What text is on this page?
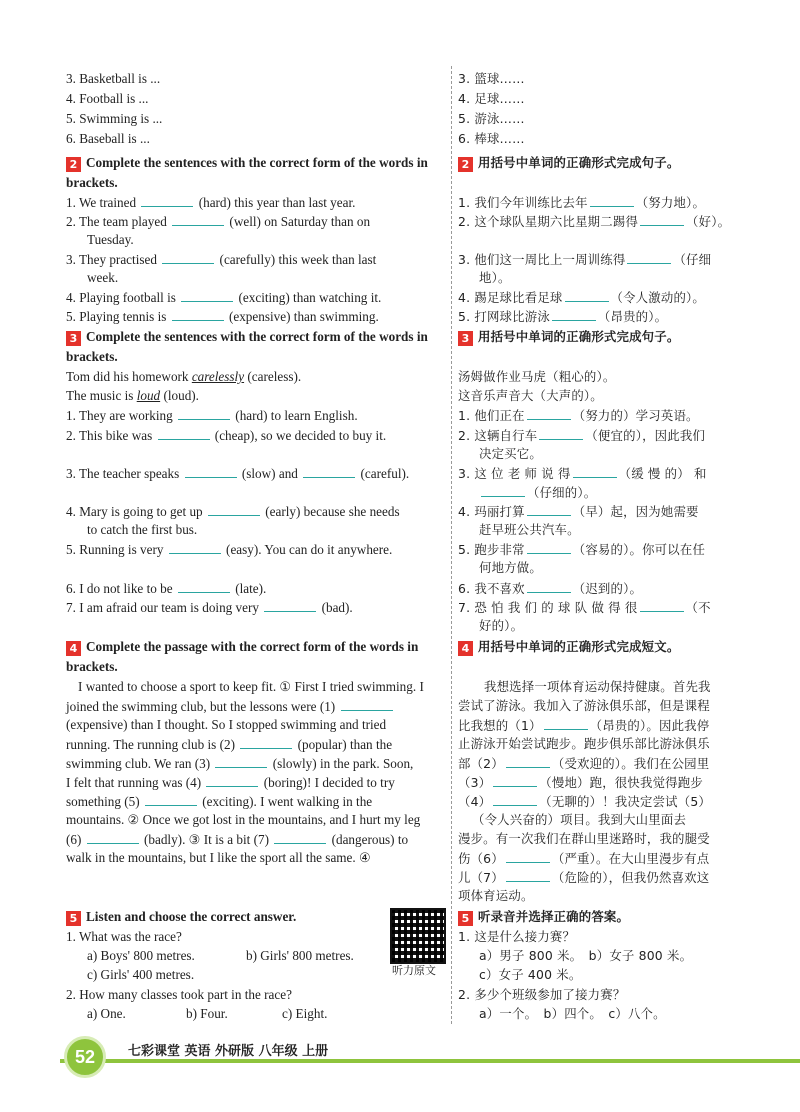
3. Basketball is ...
4. Football is ...
5. Swimming is ...
6. Baseball is ...
2 Complete the sentences with the correct form of the words in
brackets.
1. We trained	(hard) this year than last year.
2. The team played	(well) on Saturday than on
Tuesday.
3. They practised	(carefully) this week than last
week.
4. Playing football is	(exciting) than watching it.
5. Playing tennis is	(expensive) than swimming.
3 Complete the sentences with the correct form of the words in
brackets.
Tom did his homework carelessly (careless).
The music is loud (loud).
1. They are working	(hard) to learn English.
2. This bike was	(cheap), so we decided to buy it.
3. The teacher speaks	(slow) and	(careful).
4. Mary is going to get up	(early) because she needs
to catch the first bus.
5. Running is very	(easy). You can do it anywhere.
6. I do not like to be	(late).
7. I am afraid our team is doing very	(bad).
4 Complete the passage with the correct form of the words in
brackets.
I wanted to choose a sport to keep fit. ① First I tried swimming. I
joined the swimming club, but the lessons were (1)
(expensive) than I thought. So I stopped swimming and tried
running. The running club is (2)	(popular) than the
swimming club. We ran (3)	(slowly) in the park. Soon,
I felt that running was (4)	(boring)! I decided to try
something (5)	(exciting). I went walking in the
mountains. ② Once we got lost in the mountains, and I hurt my leg
(6)	(badly). ③ It is a bit (7)	(dangerous) to
walk in the mountains, but I like the sport all the same. ④
5 Listen and choose the correct answer.
1. What was the race?
a) Boys' 800 metres.	b) Girls' 800 metres.
c) Girls' 400 metres.
2. How many classes took part in the race?
a) One.	b) Four.	c) Eight.
听力原文
3. 篮球……
4. 足球……
5. 游泳……
6. 棒球……
2 用括号中单词的正确形式完成句子。
1. 我们今年训练比去年	（努力地）。
2. 这个球队星期六比星期二踢得	（好）。
3. 他们这一周比上一周训练得	（仔细
地）。
4. 踢足球比看足球	（令人激动的）。
5. 打网球比游泳	（昂贵的）。
3 用括号中单词的正确形式完成句子。
汤姆做作业马虎（粗心的）。
这音乐声音大（大声的）。
1. 他们正在	（努力的）学习英语。
2. 这辆自行车	（便宜的），因此我们
决定买它。
3. 这 位 老 师 说 得	（缓 慢 的） 和
（仔细的）。
4. 玛丽打算	（早）起，因为她需要
赶早班公共汽车。
5. 跑步非常	（容易的）。你可以在任
何地方做。
6. 我不喜欢	（迟到的）。
7. 恐 怕 我 们 的 球 队 做 得 很	（不
好的）。
4 用括号中单词的正确形式完成短文。
我想选择一项体育运动保持健康。首先我
尝试了游泳。我加入了游泳俱乐部，但是课程
比我想的（1）	（昂贵的）。因此我停
止游泳开始尝试跑步。跑步俱乐部比游泳俱乐
部（2）	（受欢迎的）。我们在公园里
（3）	（慢地）跑，很快我觉得跑步
（4）	（无聊的）！我决定尝试（5）
（令人兴奋的）项目。我到大山里面去
漫步。有一次我们在群山里迷路时，我的腿受
伤（6）	（严重）。在大山里漫步有点
儿（7）	（危险的），但我仍然喜欢这
项体育运动。
5 听录音并选择正确的答案。
1. 这是什么接力赛？
a）男子 800 米。　b）女子 800 米。
c）女子 400 米。
2. 多少个班级参加了接力赛？
a）一个。　b）四个。　c）八个。
52	七彩课堂 英语 外研版 八年级 上册
